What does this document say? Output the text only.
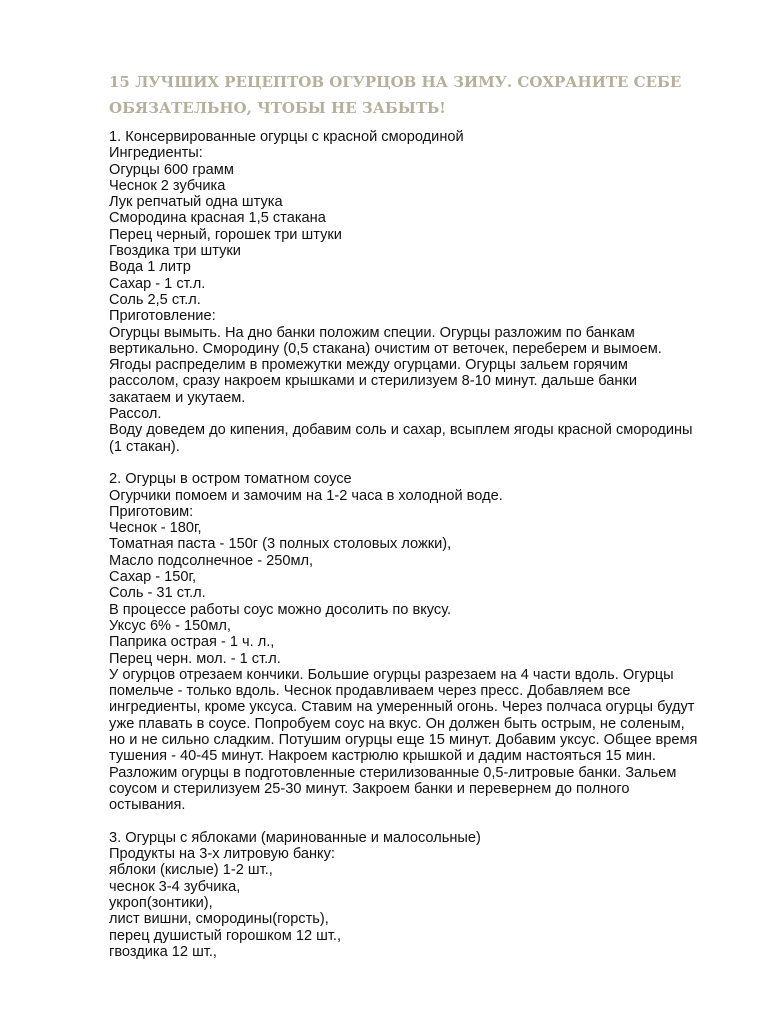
15 ЛУЧШИХ РЕЦЕПТОВ ОГУРЦОВ НА ЗИМУ. СОХРАНИТЕ СЕБЕ
ОБЯЗАТЕЛЬНО, ЧТОБЫ НЕ ЗАБЫТЬ!
1. Консервированные огурцы с красной смородиной
Ингредиенты:
Огурцы 600 грамм
Чеснок 2 зубчика
Лук репчатый одна штука
Смородина красная 1,5 стакана
Перец черный, горошек три штуки
Гвоздика три штуки
Вода 1 литр
Сахар - 1 ст.л.
Соль 2,5 ст.л.
Приготовление:
Огурцы вымыть. На дно банки положим специи. Огурцы разложим по банкам
вертикально. Смородину (0,5 стакана) очистим от веточек, переберем и вымоем.
Ягоды распределим в промежутки между огурцами. Огурцы зальем горячим
рассолом, сразу накроем крышками и стерилизуем 8-10 минут. дальше банки
закатаем и укутаем.
Рассол.
Воду доведем до кипения, добавим соль и сахар, всыплем ягоды красной смородины
(1 стакан).
2. Огурцы в остром томатном соусе
Огурчики помоем и замочим на 1-2 часа в холодной воде.
Приготовим:
Чеснок - 180г,
Томатная паста - 150г (3 полных столовых ложки),
Масло подсолнечное - 250мл,
Сахар - 150г,
Соль - 31 ст.л.
В процессе работы соус можно досолить по вкусу.
Уксус 6% - 150мл,
Паприка острая - 1 ч. л.,
Перец черн. мол. - 1 ст.л.
У огурцов отрезаем кончики. Большие огурцы разрезаем на 4 части вдоль. Огурцы
помельче - только вдоль. Чеснок продавливаем через пресс. Добавляем все
ингредиенты, кроме уксуса. Ставим на умеренный огонь. Через полчаса огурцы будут
уже плавать в соусе. Попробуем соус на вкус. Он должен быть острым, не соленым,
но и не сильно сладким. Потушим огурцы еще 15 минут. Добавим уксус. Общее время
тушения - 40-45 минут. Накроем кастрюлю крышкой и дадим настояться 15 мин.
Разложим огурцы в подготовленные стерилизованные 0,5-литровые банки. Зальем
соусом и стерилизуем 25-30 минут. Закроем банки и перевернем до полного
остывания.
3. Огурцы с яблоками (маринованные и малосольные)
Продукты на 3-х литровую банку:
яблоки (кислые) 1-2 шт.,
чеснок 3-4 зубчика,
укроп(зонтики),
лист вишни, смородины(горсть),
перец душистый горошком 12 шт.,
гвоздика 12 шт.,
